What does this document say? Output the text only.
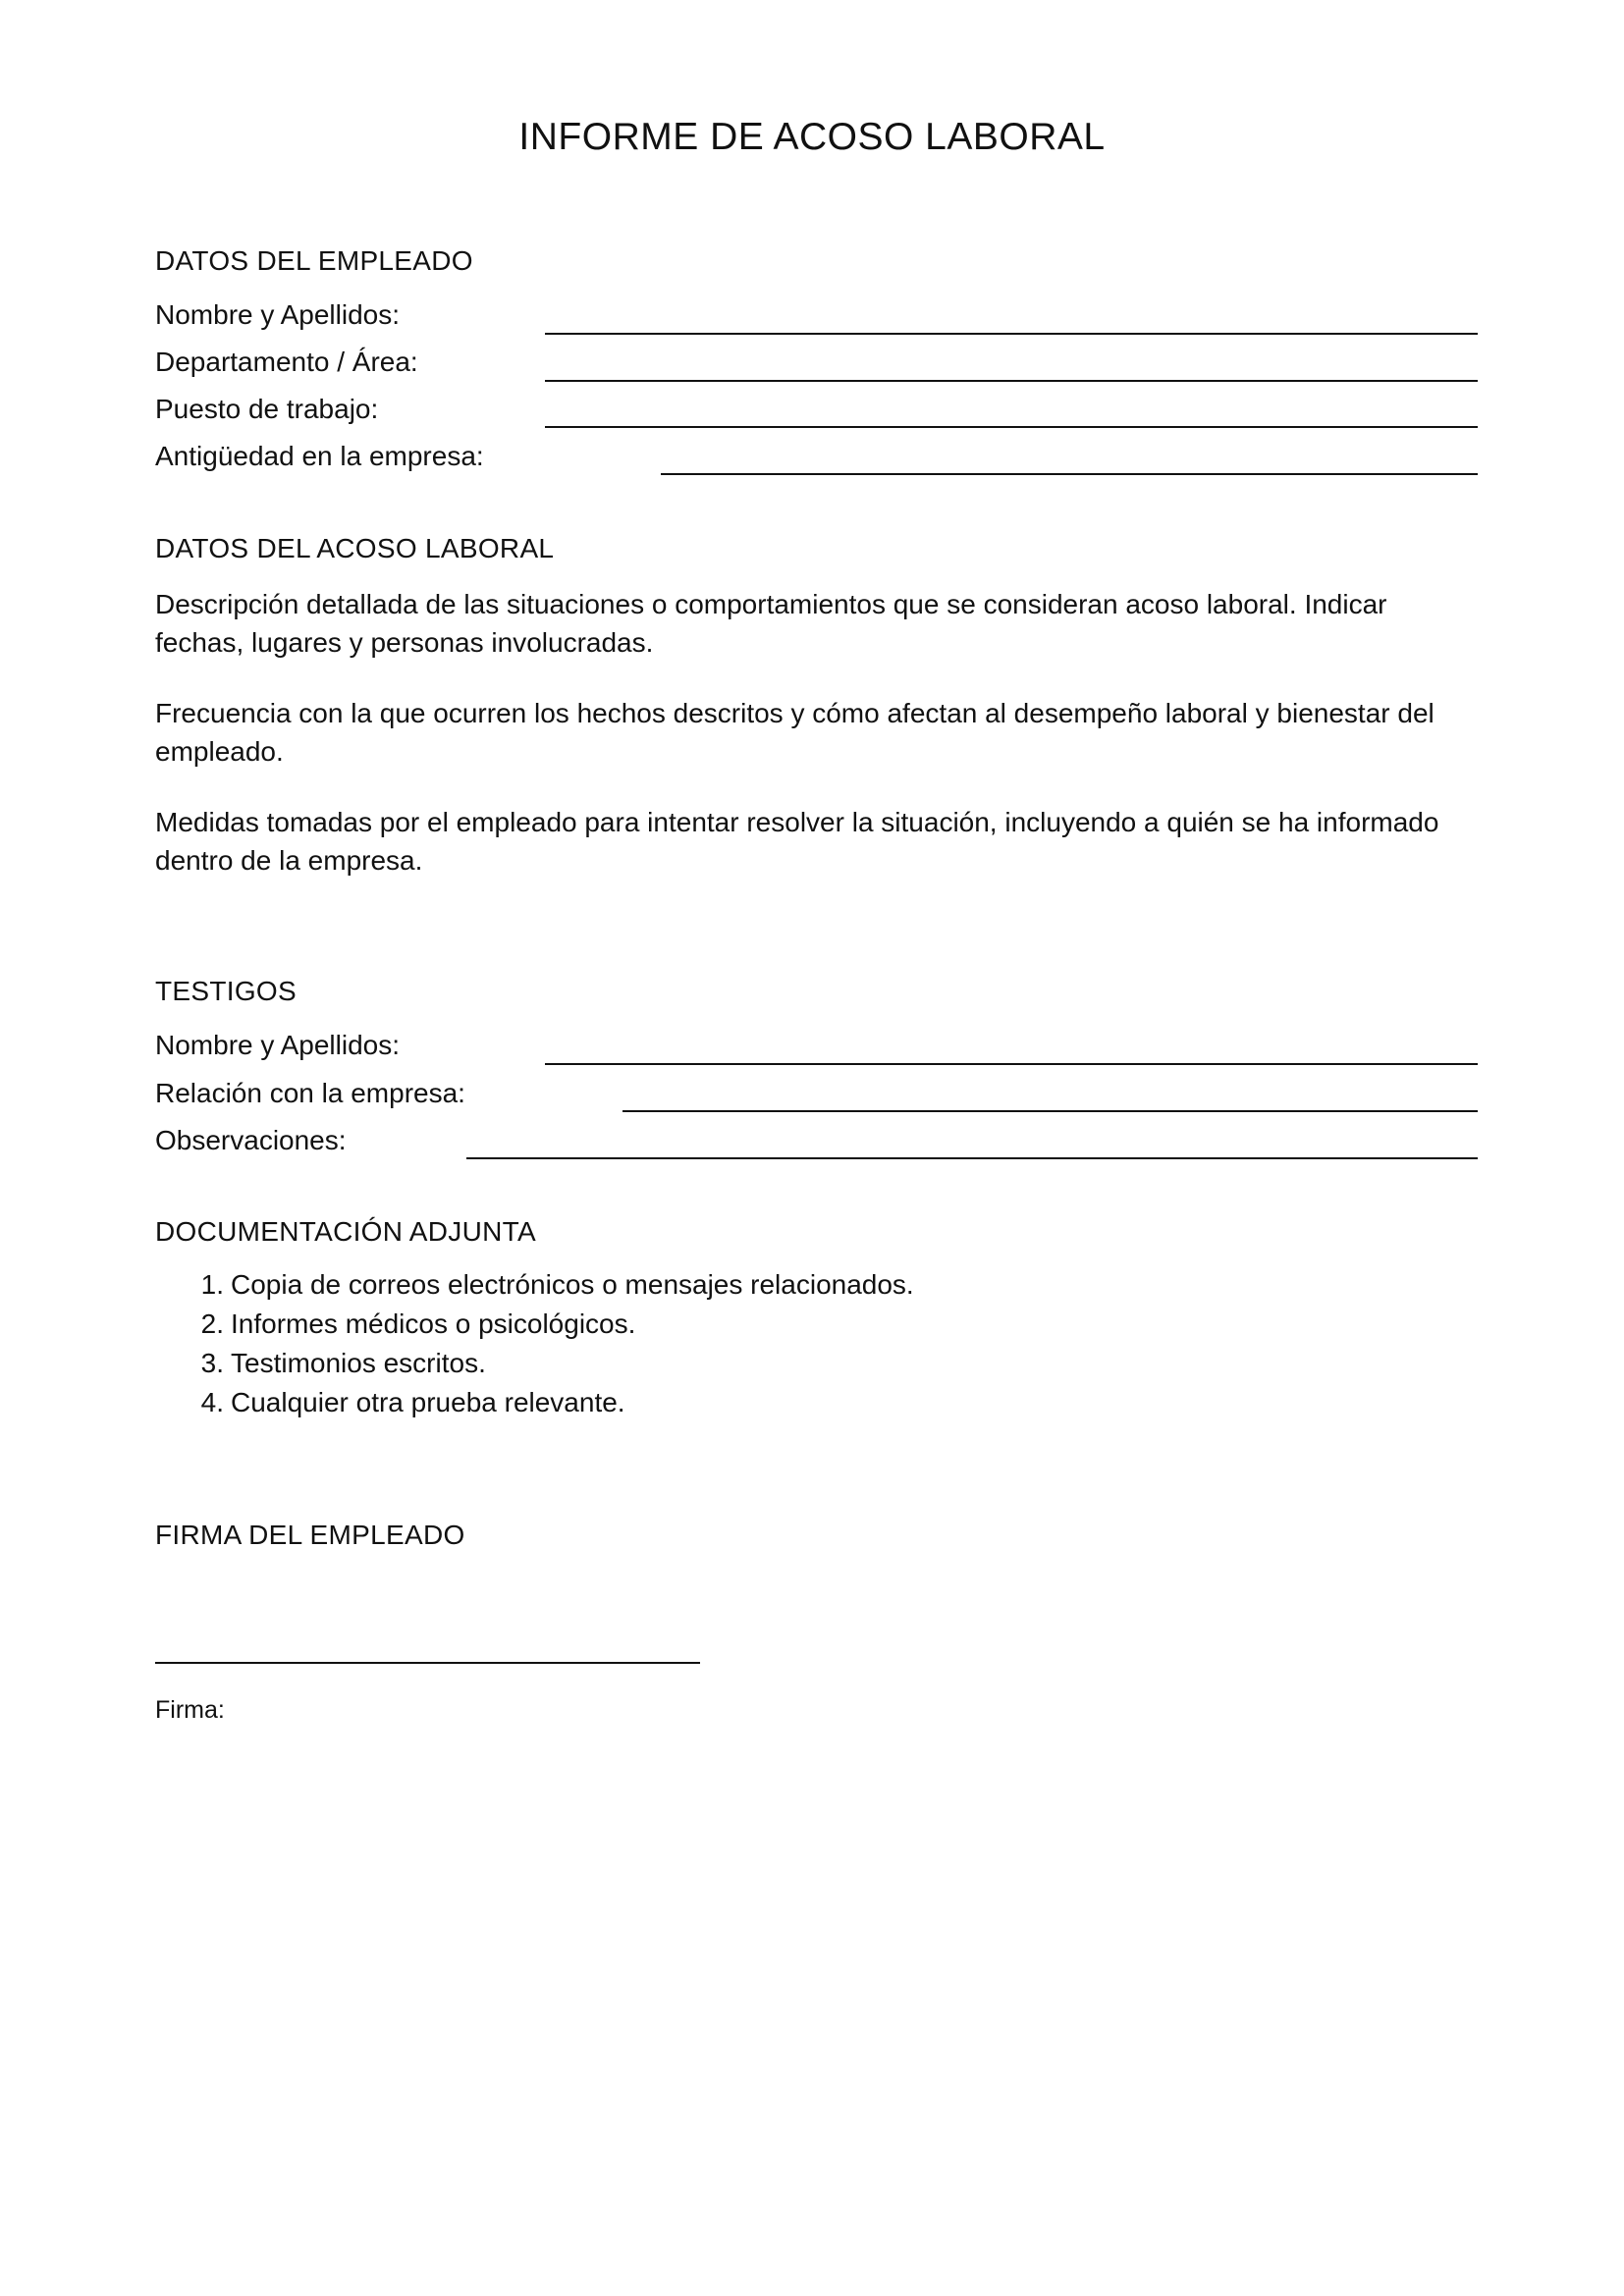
INFORME DE ACOSO LABORAL
DATOS DEL EMPLEADO
Nombre y Apellidos:
Departamento / Área:
Puesto de trabajo:
Antigüedad en la empresa:
DATOS DEL ACOSO LABORAL
Descripción detallada de las situaciones o comportamientos que se consideran acoso laboral. Indicar fechas, lugares y personas involucradas.
Frecuencia con la que ocurren los hechos descritos y cómo afectan al desempeño laboral y bienestar del empleado.
Medidas tomadas por el empleado para intentar resolver la situación, incluyendo a quién se ha informado dentro de la empresa.
TESTIGOS
Nombre y Apellidos:
Relación con la empresa:
Observaciones:
DOCUMENTACIÓN ADJUNTA
1. Copia de correos electrónicos o mensajes relacionados.
2. Informes médicos o psicológicos.
3. Testimonios escritos.
4. Cualquier otra prueba relevante.
FIRMA DEL EMPLEADO
Firma:
